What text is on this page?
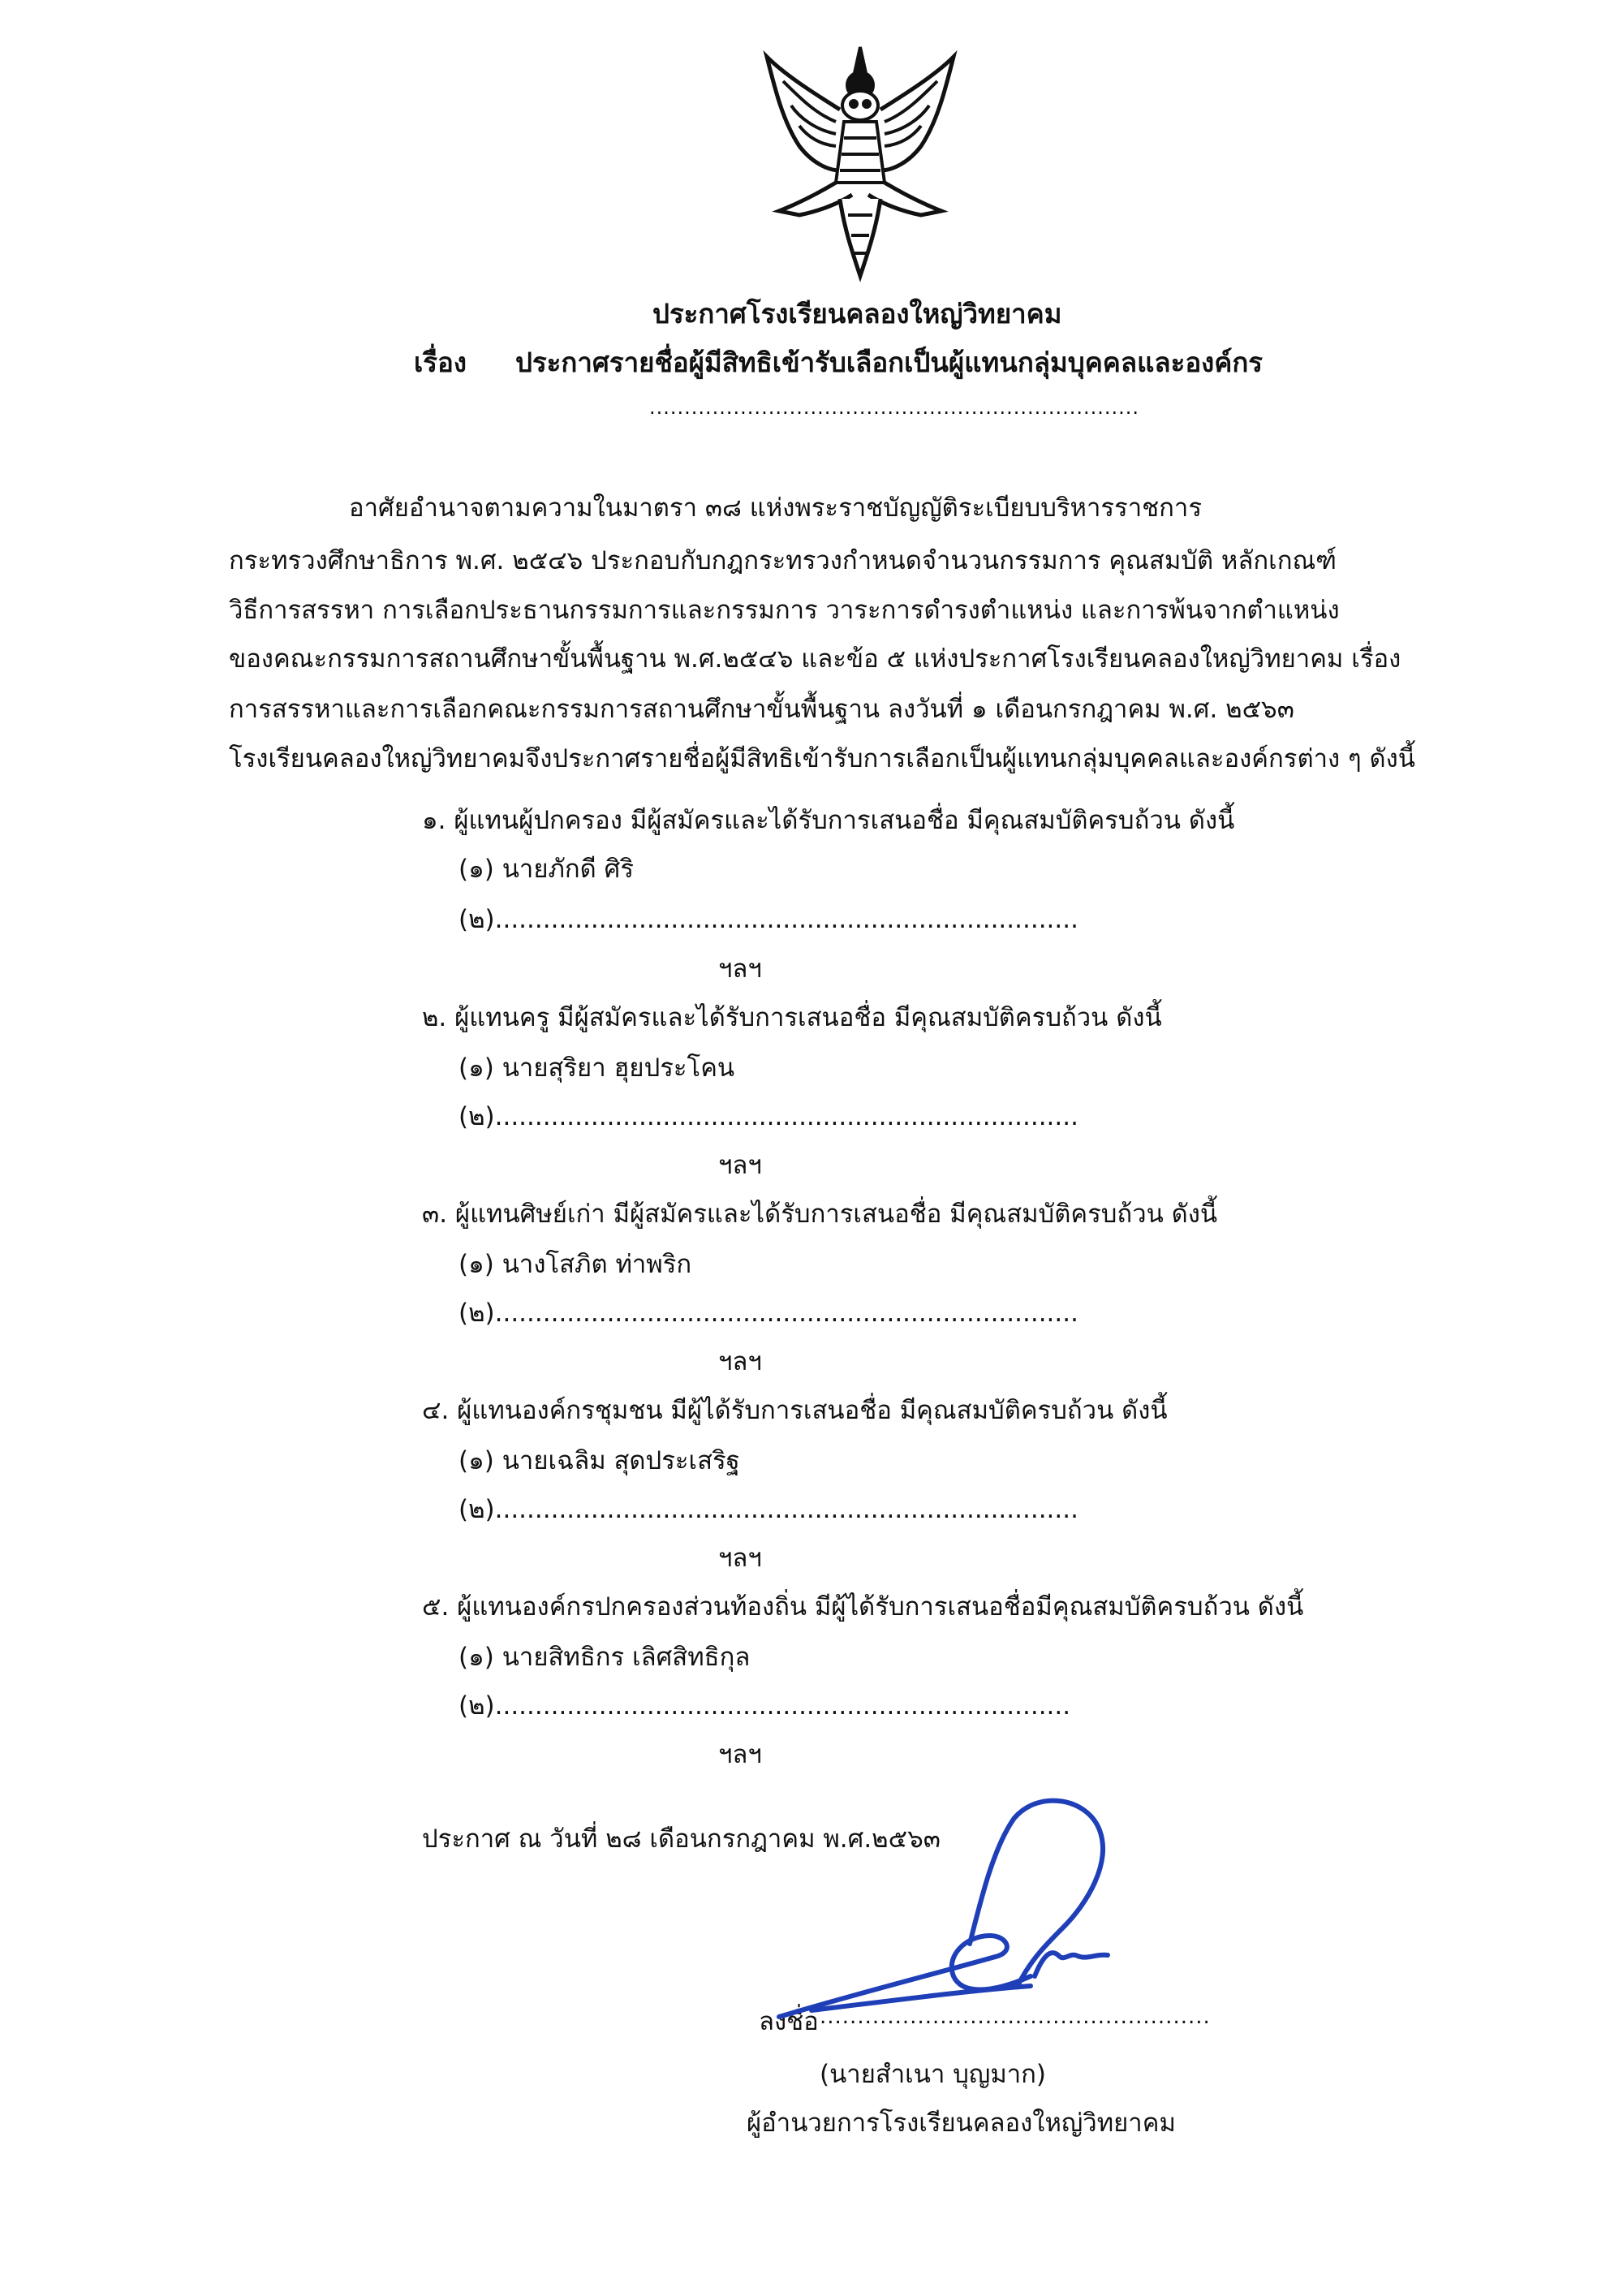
ประกาศโรงเรียนคลองใหญ่วิทยาคม
เรื่อง ประกาศรายชื่อผู้มีสิทธิเข้ารับเลือกเป็นผู้แทนกลุ่มบุคคลและองค์กร
......................................................................
อาศัยอำนาจตามความในมาตรา ๓๘ แห่งพระราชบัญญัติระเบียบบริหารราชการ
กระทรวงศึกษาธิการ พ.ศ. ๒๕๔๖ ประกอบกับกฎกระทรวงกำหนดจำนวนกรรมการ คุณสมบัติ หลักเกณฑ์
วิธีการสรรหา การเลือกประธานกรรมการและกรรมการ วาระการดำรงตำแหน่ง และการพ้นจากตำแหน่ง
ของคณะกรรมการสถานศึกษาขั้นพื้นฐาน พ.ศ.๒๕๔๖ และข้อ ๕ แห่งประกาศโรงเรียนคลองใหญ่วิทยาคม เรื่อง
การสรรหาและการเลือกคณะกรรมการสถานศึกษาขั้นพื้นฐาน ลงวันที่ ๑ เดือนกรกฎาคม พ.ศ. ๒๕๖๓
โรงเรียนคลองใหญ่วิทยาคมจึงประกาศรายชื่อผู้มีสิทธิเข้ารับการเลือกเป็นผู้แทนกลุ่มบุคคลและองค์กรต่าง ๆ ดังนี้
๑. ผู้แทนผู้ปกครอง มีผู้สมัครและได้รับการเสนอชื่อ มีคุณสมบัติครบถ้วน ดังนี้
(๑) นายภักดี ศิริ
(๒).........................................................................
ฯลฯ
๒. ผู้แทนครู มีผู้สมัครและได้รับการเสนอชื่อ มีคุณสมบัติครบถ้วน ดังนี้
(๑) นายสุริยา ฮุยประโคน
(๒).........................................................................
ฯลฯ
๓. ผู้แทนศิษย์เก่า มีผู้สมัครและได้รับการเสนอชื่อ มีคุณสมบัติครบถ้วน ดังนี้
(๑) นางโสภิต ท่าพริก
(๒).........................................................................
ฯลฯ
๔. ผู้แทนองค์กรชุมชน มีผู้ได้รับการเสนอชื่อ มีคุณสมบัติครบถ้วน ดังนี้
(๑) นายเฉลิม สุดประเสริฐ
(๒).........................................................................
ฯลฯ
๕. ผู้แทนองค์กรปกครองส่วนท้องถิ่น มีผู้ได้รับการเสนอชื่อมีคุณสมบัติครบถ้วน ดังนี้
(๑) นายสิทธิกร เลิศสิทธิกุล
(๒)........................................................................
ฯลฯ
ประกาศ ณ วันที่ ๒๘ เดือนกรกฎาคม พ.ศ.๒๕๖๓
ลงชื่อ ....................................................
(นายสำเนา บุญมาก)
ผู้อำนวยการโรงเรียนคลองใหญ่วิทยาคม
